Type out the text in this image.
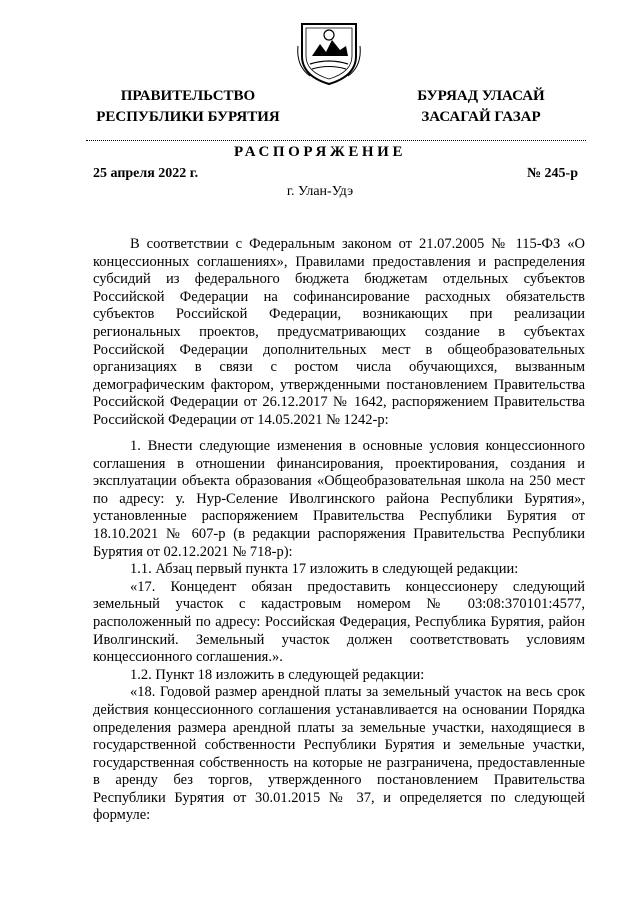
ПРАВИТЕЛЬСТВО
РЕСПУБЛИКИ БУРЯТИЯ
БУРЯАД УЛАСАЙ
ЗАСАГАЙ ГАЗАР
РАСПОРЯЖЕНИЕ
25 апреля 2022 г.	№ 245-р
г. Улан-Удэ

В соответствии с Федеральным законом от 21.07.2005 № 115-ФЗ «О концессионных соглашениях», Правилами предоставления и распределения субсидий из федерального бюджета бюджетам отдельных субъектов Российской Федерации на софинансирование расходных обязательств субъектов Российской Федерации, возникающих при реализации региональных проектов, предусматривающих создание в субъектах Российской Федерации дополнительных мест в общеобразовательных организациях в связи с ростом числа обучающихся, вызванным демографическим фактором, утвержденными постановлением Правительства Российской Федерации от 26.12.2017 № 1642, распоряжением Правительства Российской Федерации от 14.05.2021 № 1242-р:

1. Внести следующие изменения в основные условия концессионного соглашения в отношении финансирования, проектирования, создания и эксплуатации объекта образования «Общеобразовательная школа на 250 мест по адресу: у. Нур-Селение Иволгинского района Республики Бурятия», установленные распоряжением Правительства Республики Бурятия от 18.10.2021 № 607-р (в редакции распоряжения Правительства Республики Бурятия от 02.12.2021 № 718-р):

1.1. Абзац первый пункта 17 изложить в следующей редакции:

«17. Концедент обязан предоставить концессионеру следующий земельный участок с кадастровым номером № 03:08:370101:4577, расположенный по адресу: Российская Федерация, Республика Бурятия, район Иволгинский. Земельный участок должен соответствовать условиям концессионного соглашения.».

1.2. Пункт 18 изложить в следующей редакции:

«18. Годовой размер арендной платы за земельный участок на весь срок действия концессионного соглашения устанавливается на основании Порядка определения размера арендной платы за земельные участки, находящиеся в государственной собственности Республики Бурятия и земельные участки, государственная собственность на которые не разграничена, предоставленные в аренду без торгов, утвержденного постановлением Правительства Республики Бурятия от 30.01.2015 № 37, и определяется по следующей формуле:
